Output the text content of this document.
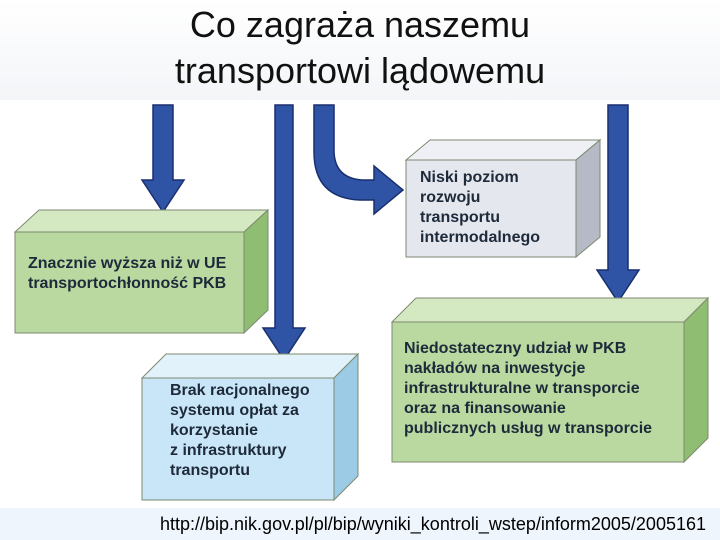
Co zagraża naszemu
transportowi lądowemu
Znacznie wyższa niż w UE
transportochłonność PKB
Niski poziom
rozwoju
transportu
intermodalnego
Brak racjonalnego
systemu opłat za
korzystanie
z infrastruktury
transportu
Niedostateczny udział w PKB
nakładów na inwestycje
infrastrukturalne w transporcie
oraz na finansowanie
publicznych usług w transporcie
http://bip.nik.gov.pl/pl/bip/wyniki_kontroli_wstep/inform2005/2005161
